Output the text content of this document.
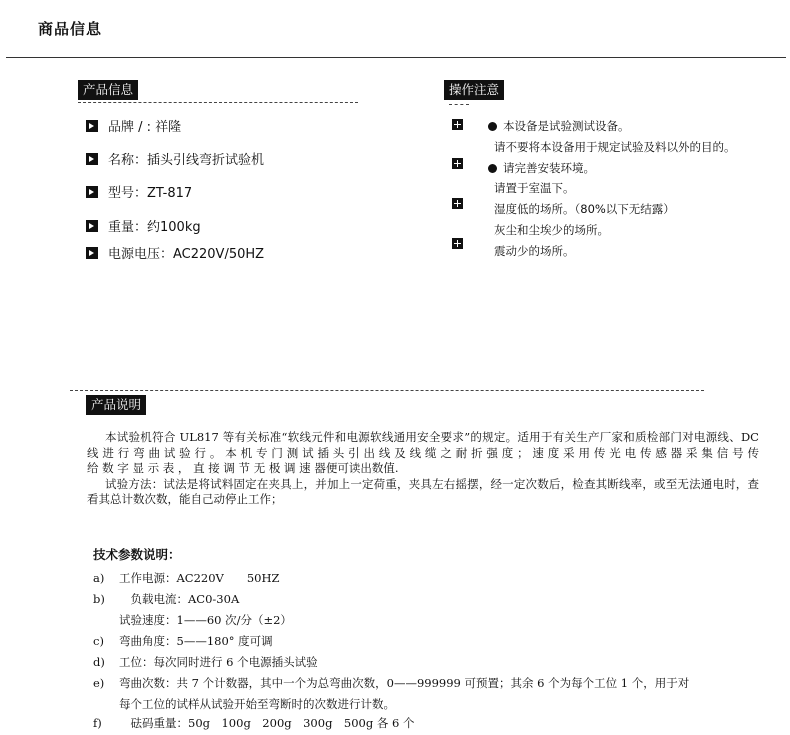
商品信息
产品信息
品牌 / : 祥隆
名称：插头引线弯折试验机
型号：ZT-817
重量：约100kg
电源电压：AC220V/50HZ
操作注意
本设备是试验测试设备。
请不要将本设备用于规定试验及料以外的目的。
请完善安装环境。
请置于室温下。
湿度低的场所。（80%以下无结露）
灰尘和尘埃少的场所。
震动少的场所。
产品说明

本试验机符合 UL817 等有关标准“软线元件和电源软线通用安全要求”的规定。适用于有关生产厂家和质检部门对电源线、DC 线 进 行 弯 曲 试 验 行 。 本 机 专 门 测 试 插 头 引 出 线 及 线 缆 之 耐 折 强 度 ； 速 度 采 用 传 光 电 传 感 器 采 集 信 号 传 给 数 字 显 示 表 ， 直 接 调 节 无 极 调 速 器便可读出数值.

试验方法：试法是将试料固定在夹具上，并加上一定荷重，夹具左右摇摆，经一定次数后，检查其断线率，或至无法通电时，查看其总计数次数，能自己动停止工作；

技术参数说明：
a) 工作电源：AC220V　　50HZ
b)　负载电流：AC0-30A
试验速度：1——60 次/分（±2）
c) 弯曲角度：5——180° 度可调
d) 工位：每次同时进行 6 个电源插头试验
e) 弯曲次数：共 7 个计数器，其中一个为总弯曲次数，0——999999 可预置；其余 6 个为每个工位 1 个，用于对
每个工位的试样从试验开始至弯断时的次数进行计数。
f)　砝码重量：50g　100g　200g　300g　500g 各 6 个
